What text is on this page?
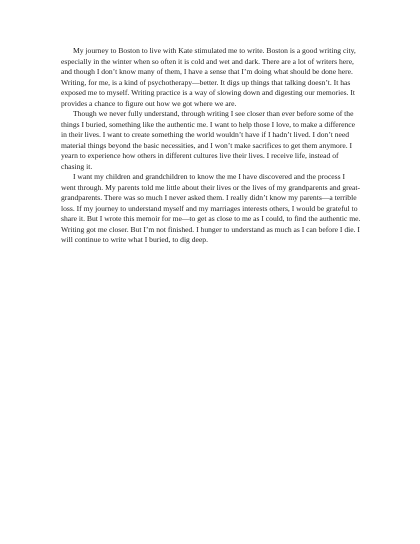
My journey to Boston to live with Kate stimulated me to write. Boston is a good writing city, especially in the winter when so often it is cold and wet and dark. There are a lot of writers here, and though I don’t know many of them, I have a sense that I’m doing what should be done here. Writing, for me, is a kind of psychotherapy—better. It digs up things that talking doesn’t. It has exposed me to myself. Writing practice is a way of slowing down and digesting our memories. It provides a chance to figure out how we got where we are.

Though we never fully understand, through writing I see closer than ever before some of the things I buried, something like the authentic me. I want to help those I love, to make a difference in their lives. I want to create something the world wouldn’t have if I hadn’t lived. I don’t need material things beyond the basic necessities, and I won’t make sacrifices to get them anymore. I yearn to experience how others in different cultures live their lives. I receive life, instead of chasing it.

I want my children and grandchildren to know the me I have discovered and the process I went through. My parents told me little about their lives or the lives of my grandparents and great-grandparents. There was so much I never asked them. I really didn’t know my parents—a terrible loss. If my journey to understand myself and my marriages interests others, I would be grateful to share it. But I wrote this memoir for me—to get as close to me as I could, to find the authentic me. Writing got me closer. But I’m not finished. I hunger to understand as much as I can before I die. I will continue to write what I buried, to dig deep.
